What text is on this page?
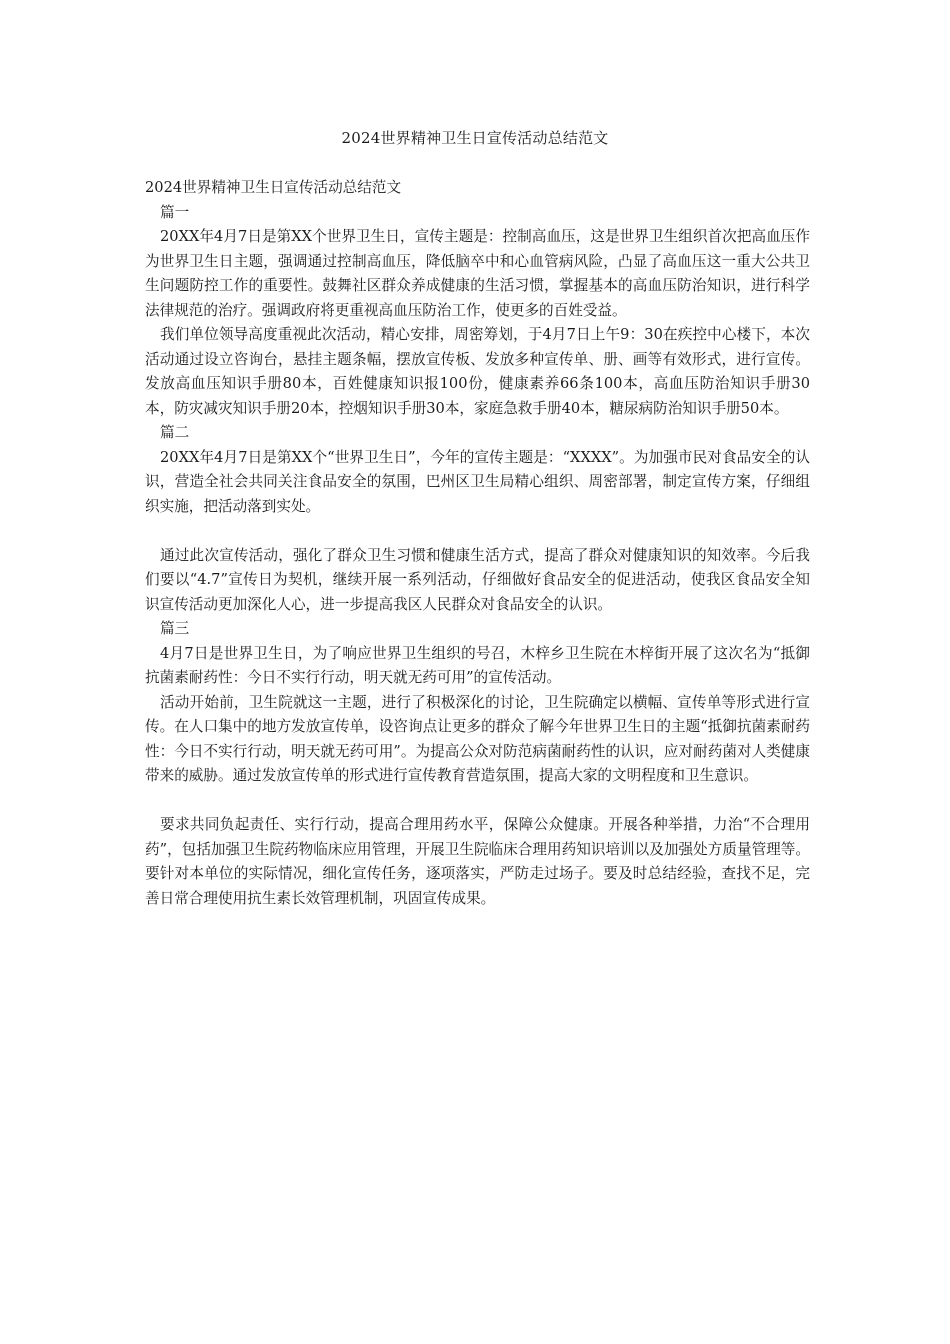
2024世界精神卫生日宣传活动总结范文

2024世界精神卫生日宣传活动总结范文

篇一

20XX年4月7日是第XX个世界卫生日，宣传主题是：控制高血压，这是世界卫生组织首次把高血压作为世界卫生日主题，强调通过控制高血压，降低脑卒中和心血管病风险，凸显了高血压这一重大公共卫生问题防控工作的重要性。鼓舞社区群众养成健康的生活习惯，掌握基本的高血压防治知识，进行科学法律规范的治疗。强调政府将更重视高血压防治工作，使更多的百姓受益。

我们单位领导高度重视此次活动，精心安排，周密筹划，于4月7日上午9：30在疾控中心楼下，本次活动通过设立咨询台，悬挂主题条幅，摆放宣传板、发放多种宣传单、册、画等有效形式，进行宣传。发放高血压知识手册80本，百姓健康知识报100份，健康素养66条100本，高血压防治知识手册30本，防灾减灾知识手册20本，控烟知识手册30本，家庭急救手册40本，糖尿病防治知识手册50本。

篇二

20XX年4月7日是第XX个“世界卫生日”，今年的宣传主题是：“XXXX”。为加强市民对食品安全的认识，营造全社会共同关注食品安全的氛围，巴州区卫生局精心组织、周密部署，制定宣传方案，仔细组织实施，把活动落到实处。

通过此次宣传活动，强化了群众卫生习惯和健康生活方式，提高了群众对健康知识的知效率。今后我们要以“4.7”宣传日为契机，继续开展一系列活动，仔细做好食品安全的促进活动，使我区食品安全知识宣传活动更加深化人心，进一步提高我区人民群众对食品安全的认识。

篇三

4月7日是世界卫生日，为了响应世界卫生组织的号召，木梓乡卫生院在木梓街开展了这次名为“抵御抗菌素耐药性：今日不实行行动，明天就无药可用”的宣传活动。

活动开始前，卫生院就这一主题，进行了积极深化的讨论，卫生院确定以横幅、宣传单等形式进行宣传。在人口集中的地方发放宣传单，设咨询点让更多的群众了解今年世界卫生日的主题“抵御抗菌素耐药性：今日不实行行动，明天就无药可用”。为提高公众对防范病菌耐药性的认识，应对耐药菌对人类健康带来的威胁。通过发放宣传单的形式进行宣传教育营造氛围，提高大家的文明程度和卫生意识。

要求共同负起责任、实行行动，提高合理用药水平，保障公众健康。开展各种举措，力治“不合理用药”，包括加强卫生院药物临床应用管理，开展卫生院临床合理用药知识培训以及加强处方质量管理等。要针对本单位的实际情况，细化宣传任务，逐项落实，严防走过场子。要及时总结经验，查找不足，完善日常合理使用抗生素长效管理机制，巩固宣传成果。
